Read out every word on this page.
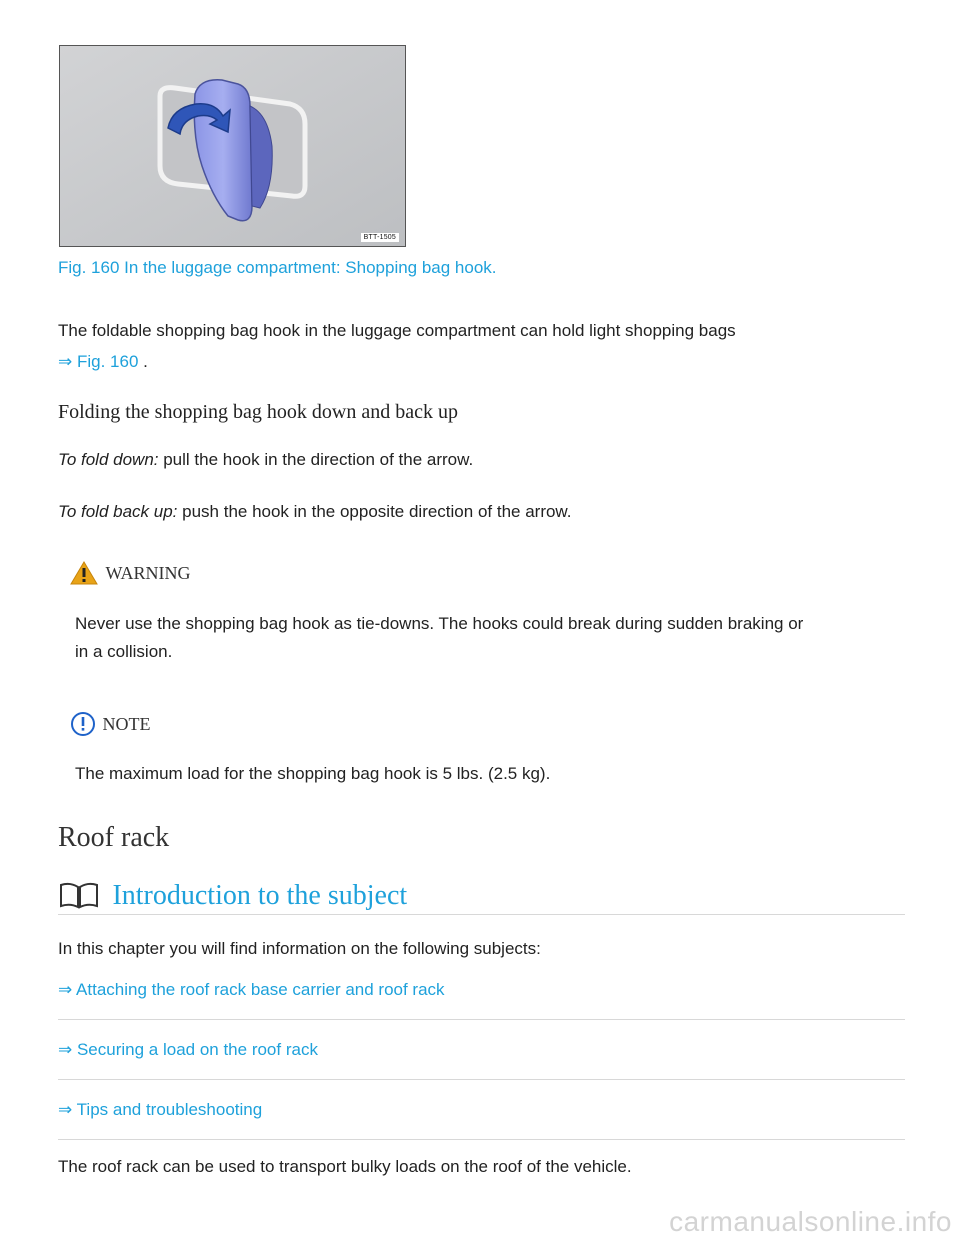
BTT-1505
Fig. 160 In the luggage compartment: Shopping bag hook.
The foldable shopping bag hook in the luggage compartment can hold light shopping bags
⇒ Fig. 160 .
Folding the shopping bag hook down and back up
To fold down: pull the hook in the direction of the arrow.
To fold back up: push the hook in the opposite direction of the arrow.
WARNING
Never use the shopping bag hook as tie-downs. The hooks could break during sudden braking or
in a collision.
NOTE
The maximum load for the shopping bag hook is 5 lbs. (2.5 kg).
Roof rack
Introduction to the subject
In this chapter you will find information on the following subjects:
⇒ Attaching the roof rack base carrier and roof rack
⇒ Securing a load on the roof rack
⇒ Tips and troubleshooting
The roof rack can be used to transport bulky loads on the roof of the vehicle.
carmanualsonline.info
